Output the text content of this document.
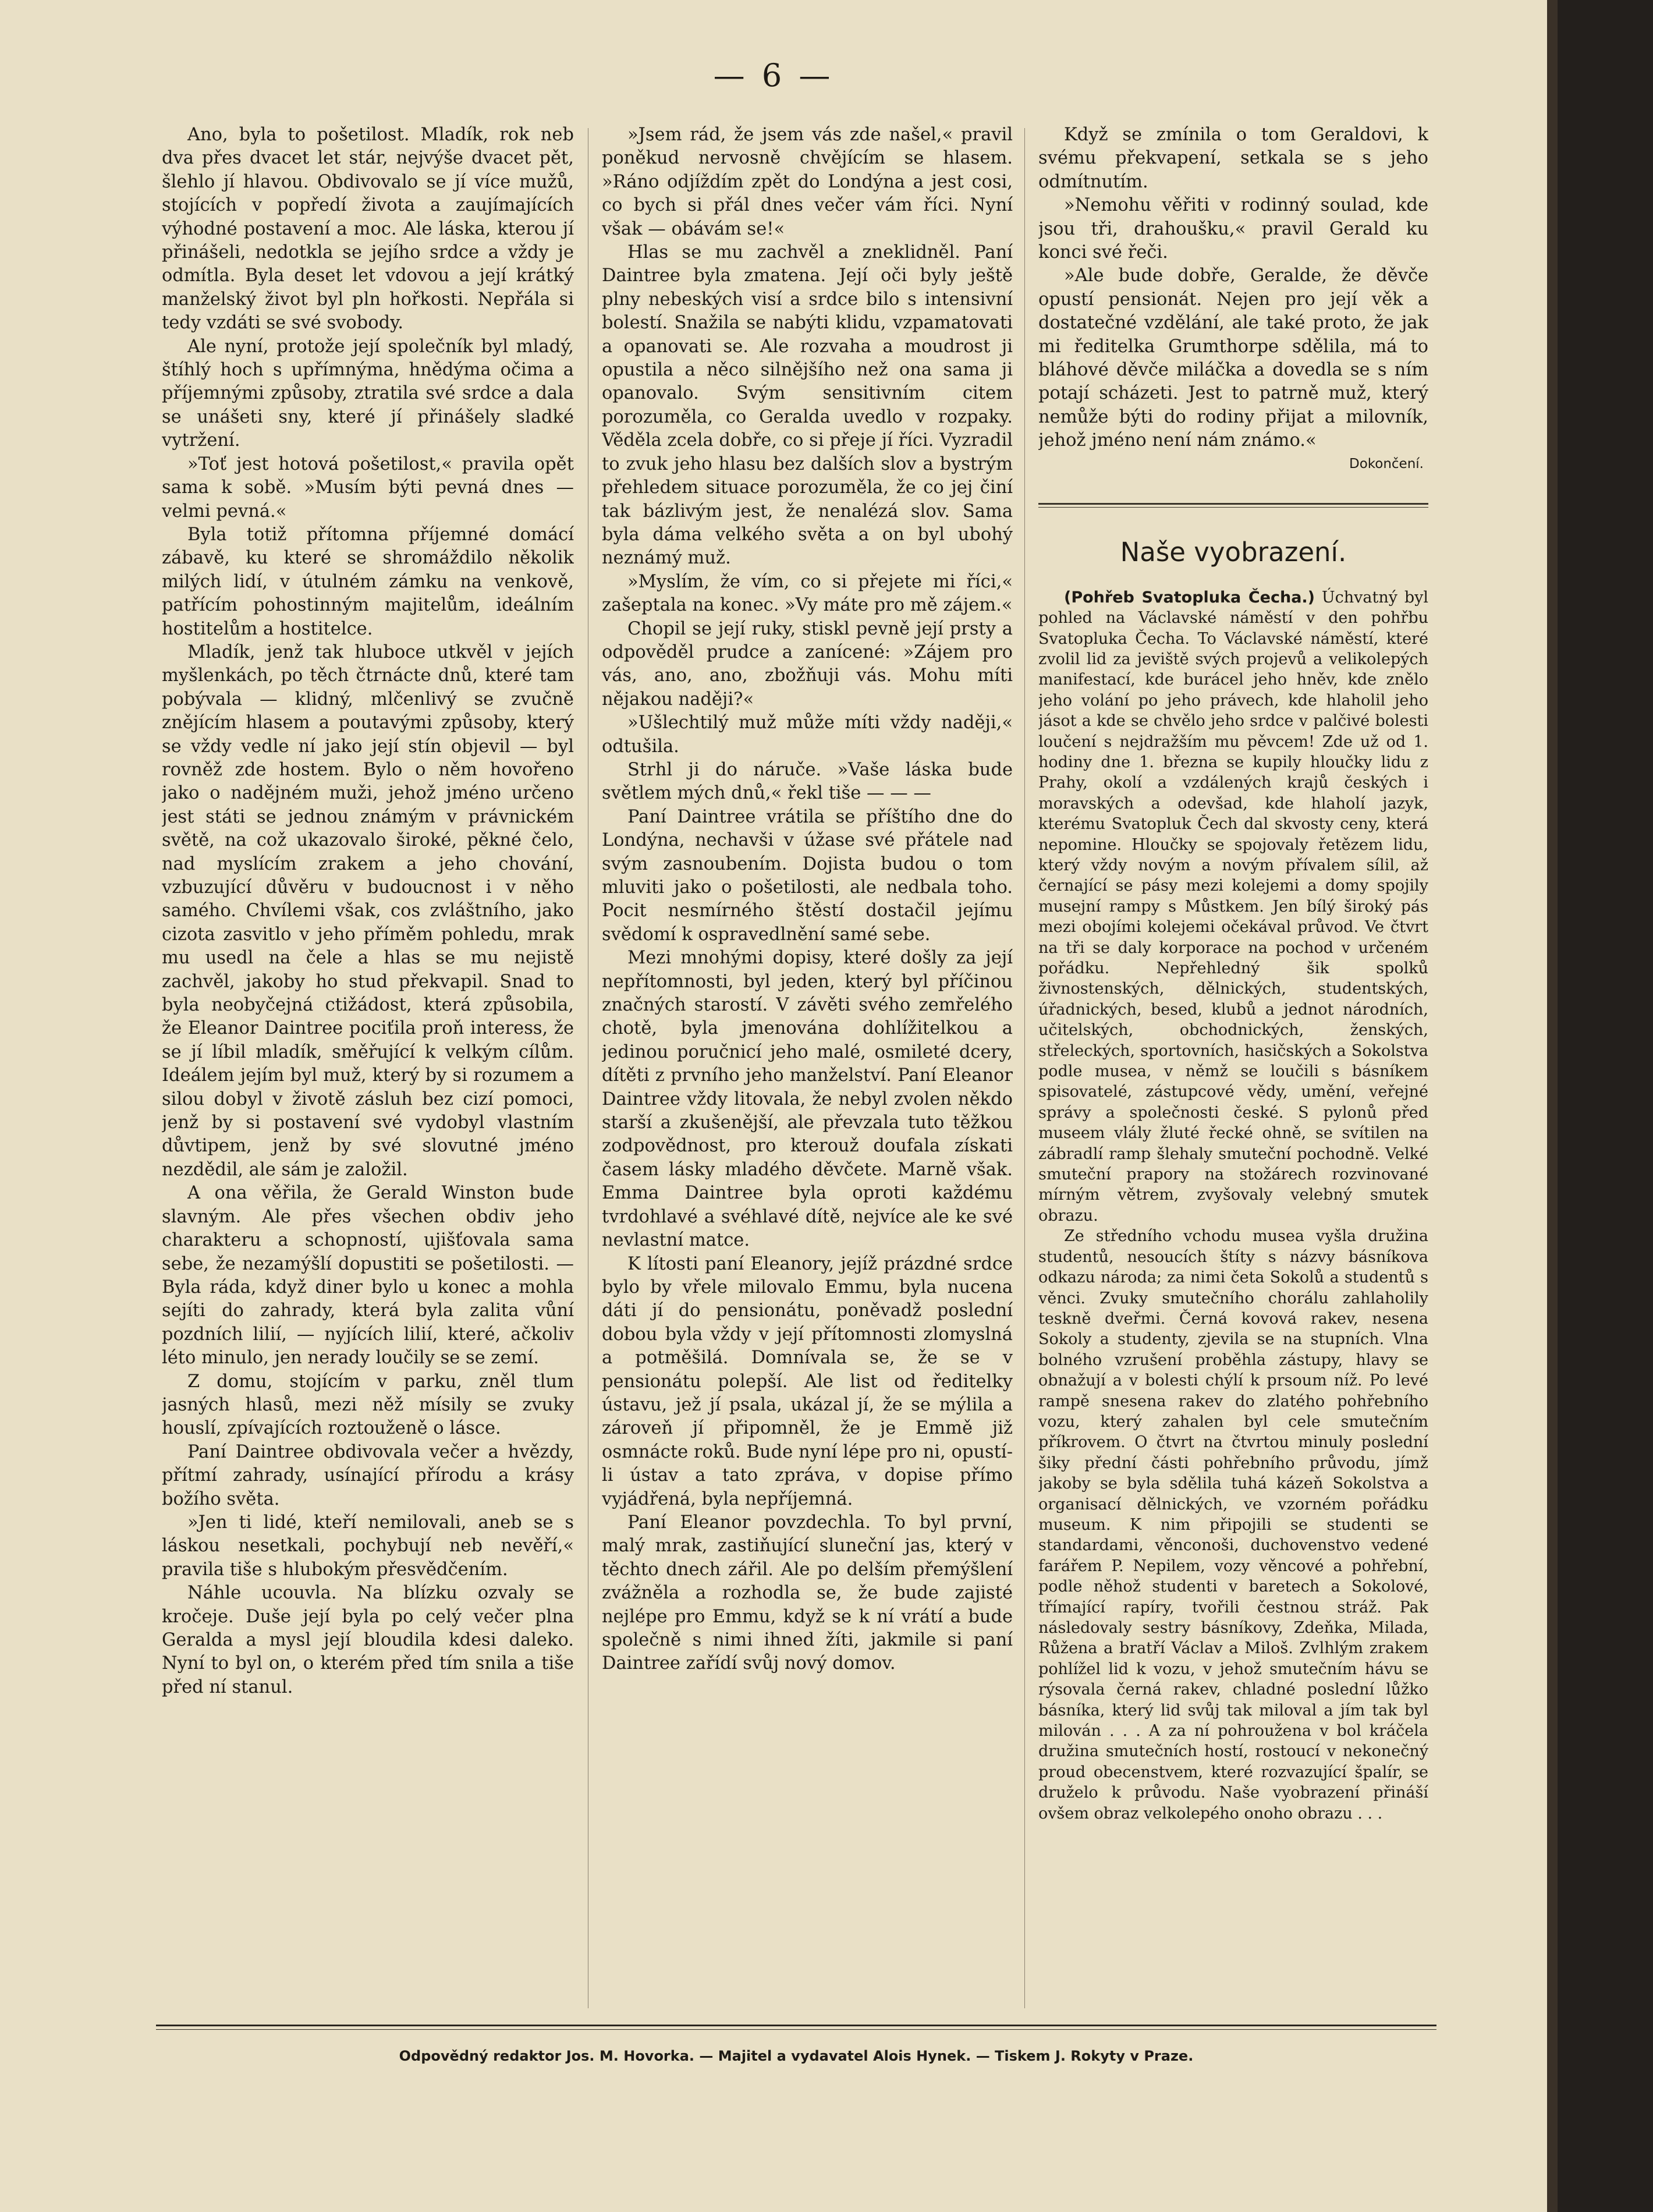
— 6 —

Ano, byla to pošetilost. Mladík, rok neb dva přes dvacet let stár, nejvýše dvacet pět, šlehlo jí hlavou. Obdivovalo se jí více mužů, stojících v popředí života a zaujímajících výhodné postavení a moc. Ale láska, kterou jí přinášeli, nedotkla se jejího srdce a vždy je odmítla. Byla deset let vdovou a její krátký manželský život byl pln hořkosti. Nepřála si tedy vzdáti se své svobody.

Ale nyní, protože její společník byl mladý, štíhlý hoch s upřímnýma, hnědýma očima a příjemnými způsoby, ztratila své srdce a dala se unášeti sny, které jí přinášely sladké vytržení.

»Toť jest hotová pošetilost,« pravila opět sama k sobě. »Musím býti pevná dnes — velmi pevná.«

Byla totiž přítomna příjemné domácí zábavě, ku které se shromáždilo několik milých lidí, v útulném zámku na venkově, patřícím pohostinným majitelům, ideálním hostitelům a hostitelce.

Mladík, jenž tak hluboce utkvěl v jejích myšlenkách, po těch čtrnácte dnů, které tam pobývala — klidný, mlčenlivý se zvučně znějícím hlasem a poutavými způsoby, který se vždy vedle ní jako její stín objevil — byl rovněž zde hostem. Bylo o něm hovořeno jako o nadějném muži, jehož jméno určeno jest státi se jednou známým v právnickém světě, na což ukazovalo široké, pěkné čelo, nad myslícím zrakem a jeho chování, vzbuzující důvěru v budoucnost i v něho samého. Chvílemi však, cos zvláštního, jako cizota zasvitlo v jeho příměm pohledu, mrak mu usedl na čele a hlas se mu nejistě zachvěl, jakoby ho stud překvapil. Snad to byla neobyčejná ctižádost, která způsobila, že Eleanor Daintree pociťila proň interess, že se jí líbil mladík, směřující k velkým cílům. Ideálem jejím byl muž, který by si rozumem a silou dobyl v životě zásluh bez cizí pomoci, jenž by si postavení své vydobyl vlastním důvtipem, jenž by své slovutné jméno nezdědil, ale sám je založil.

A ona věřila, že Gerald Winston bude slavným. Ale přes všechen obdiv jeho charakteru a schopností, ujišťovala sama sebe, že nezamýšlí dopustiti se pošetilosti. — Byla ráda, když diner bylo u konec a mohla sejíti do zahrady, která byla zalita vůní pozdních lilií, — nyjících lilií, které, ačkoliv léto minulo, jen nerady loučily se se zemí.

Z domu, stojícím v parku, zněl tlum jasných hlasů, mezi něž mísily se zvuky houslí, zpívajících roztouženě o lásce.

Paní Daintree obdivovala večer a hvězdy, přítmí zahrady, usínající přírodu a krásy božího světa.

»Jen ti lidé, kteří nemilovali, aneb se s láskou nesetkali, pochybují neb nevěří,« pravila tiše s hlubokým přesvědčením.

Náhle ucouvla. Na blízku ozvaly se kročeje. Duše její byla po celý večer plna Geralda a mysl její bloudila kdesi daleko. Nyní to byl on, o kterém před tím snila a tiše před ní stanul.

»Jsem rád, že jsem vás zde našel,« pravil poněkud nervosně chvějícím se hlasem. »Ráno odjíždím zpět do Londýna a jest cosi, co bych si přál dnes večer vám říci. Nyní však — obávám se!«

Hlas se mu zachvěl a zneklidněl. Paní Daintree byla zmatena. Její oči byly ještě plny nebeských visí a srdce bilo s intensivní bolestí. Snažila se nabýti klidu, vzpamatovati a opanovati se. Ale rozvaha a moudrost ji opustila a něco silnějšího než ona sama ji opanovalo. Svým sensitivním citem porozuměla, co Geralda uvedlo v rozpaky. Věděla zcela dobře, co si přeje jí říci. Vyzradil to zvuk jeho hlasu bez dalších slov a bystrým přehledem situace porozuměla, že co jej činí tak bázlivým jest, že nenalézá slov. Sama byla dáma velkého světa a on byl ubohý neznámý muž.

»Myslím, že vím, co si přejete mi říci,« zašeptala na konec. »Vy máte pro mě zájem.«

Chopil se její ruky, stiskl pevně její prsty a odpověděl prudce a zanícené: »Zájem pro vás, ano, ano, zbožňuji vás. Mohu míti nějakou naději?«

»Ušlechtilý muž může míti vždy naději,« odtušila.

Strhl ji do náruče. »Vaše láska bude světlem mých dnů,« řekl tiše — — —

Paní Daintree vrátila se příštího dne do Londýna, nechavši v úžase své přátele nad svým zasnoubením. Dojista budou o tom mluviti jako o pošetilosti, ale nedbala toho. Pocit nesmírného štěstí dostačil jejímu svědomí k ospravedlnění samé sebe.

Mezi mnohými dopisy, které došly za její nepřítomnosti, byl jeden, který byl příčinou značných starostí. V závěti svého zemřelého chotě, byla jmenována dohlížitelkou a jedinou poručnicí jeho malé, osmileté dcery, dítěti z prvního jeho manželství. Paní Eleanor Daintree vždy litovala, že nebyl zvolen někdo starší a zkušenější, ale převzala tuto těžkou zodpovědnost, pro kterouž doufala získati časem lásky mladého děvčete. Marně však. Emma Daintree byla oproti každému tvrdohlavé a svéhlavé dítě, nejvíce ale ke své nevlastní matce.

K lítosti paní Eleanory, jejíž prázdné srdce bylo by vřele milovalo Emmu, byla nucena dáti jí do pensionátu, poněvadž poslední dobou byla vždy v její přítomnosti zlomyslná a potměšilá. Domnívala se, že se v pensionátu polepší. Ale list od ředitelky ústavu, jež jí psala, ukázal jí, že se mýlila a zároveň jí připomněl, že je Emmě již osmnácte roků. Bude nyní lépe pro ni, opustí-li ústav a tato zpráva, v dopise přímo vyjádřená, byla nepříjemná.

Paní Eleanor povzdechla. To byl první, malý mrak, zastiňující sluneční jas, který v těchto dnech zářil. Ale po delším přemýšlení zvážněla a rozhodla se, že bude zajisté nejlépe pro Emmu, když se k ní vrátí a bude společně s nimi ihned žíti, jakmile si paní Daintree zařídí svůj nový domov.

Když se zmínila o tom Geraldovi, k svému překvapení, setkala se s jeho odmítnutím.

»Nemohu věřiti v rodinný soulad, kde jsou tři, drahoušku,« pravil Gerald ku konci své řeči.

»Ale bude dobře, Geralde, že děvče opustí pensionát. Nejen pro její věk a dostatečné vzdělání, ale také proto, že jak mi ředitelka Grumthorpe sdělila, má to bláhové děvče miláčka a dovedla se s ním potají scházeti. Jest to patrně muž, který nemůže býti do rodiny přijat a milovník, jehož jméno není nám známo.«

Dokončení.
Naše vyobrazení.

(Pohřeb Svatopluka Čecha.) Úchvatný byl pohled na Václavské náměstí v den pohřbu Svatopluka Čecha. To Václavské náměstí, které zvolil lid za jeviště svých projevů a velikolepých manifestací, kde burácel jeho hněv, kde znělo jeho volání po jeho právech, kde hlaholil jeho jásot a kde se chvělo jeho srdce v palčivé bolesti loučení s nejdražším mu pěvcem! Zde už od 1. hodiny dne 1. března se kupily hloučky lidu z Prahy, okolí a vzdálených krajů českých i moravských a odevšad, kde hlaholí jazyk, kterému Svatopluk Čech dal skvosty ceny, která nepomine. Hloučky se spojovaly řetězem lidu, který vždy novým a novým přívalem sílil, až černající se pásy mezi kolejemi a domy spojily musejní rampy s Můstkem. Jen bílý široký pás mezi obojími kolejemi očekával průvod. Ve čtvrt na tři se daly korporace na pochod v určeném pořádku. Nepřehledný šik spolků živnostenských, dělnických, studentských, úřadnických, besed, klubů a jednot národních, učitelských, obchodnických, ženských, střeleckých, sportovních, hasičských a Sokolstva podle musea, v němž se loučili s básníkem spisovatelé, zástupcové vědy, umění, veřejné správy a společnosti české. S pylonů před museem vlály žluté řecké ohně, se svítilen na zábradlí ramp šlehaly smuteční pochodně. Velké smuteční prapory na stožárech rozvinované mírným větrem, zvyšovaly velebný smutek obrazu.

Ze středního vchodu musea vyšla družina studentů, nesoucích štíty s názvy básníkova odkazu národa; za nimi četa Sokolů a studentů s věnci. Zvuky smutečního chorálu zahlaholily teskně dveřmi. Černá kovová rakev, nesena Sokoly a studenty, zjevila se na stupních. Vlna bolného vzrušení proběhla zástupy, hlavy se obnažují a v bolesti chýlí k prsoum níž. Po levé rampě snesena rakev do zlatého pohřebního vozu, který zahalen byl cele smutečním příkrovem. O čtvrt na čtvrtou minuly poslední šiky přední části pohřebního průvodu, jímž jakoby se byla sdělila tuhá kázeň Sokolstva a organisací dělnických, ve vzorném pořádku museum. K nim připojili se studenti se standardami, věnconoši, duchovenstvo vedené farářem P. Nepilem, vozy věncové a pohřební, podle něhož studenti v baretech a Sokolové, třímající rapíry, tvořili čestnou stráž. Pak následovaly sestry básníkovy, Zdeňka, Milada, Růžena a bratří Václav a Miloš. Zvlhlým zrakem pohlížel lid k vozu, v jehož smutečním hávu se rýsovala černá rakev, chladné poslední lůžko básníka, který lid svůj tak miloval a jím tak byl milován . . . A za ní pohroužena v bol kráčela družina smutečních hostí, rostoucí v nekonečný proud obecenstvem, které rozvazující špalír, se druželo k průvodu. Naše vyobrazení přináší ovšem obraz velkolepého onoho obrazu . . .

Odpovědný redaktor Jos. M. Hovorka. — Majitel a vydavatel Alois Hynek. — Tiskem J. Rokyty v Praze.
